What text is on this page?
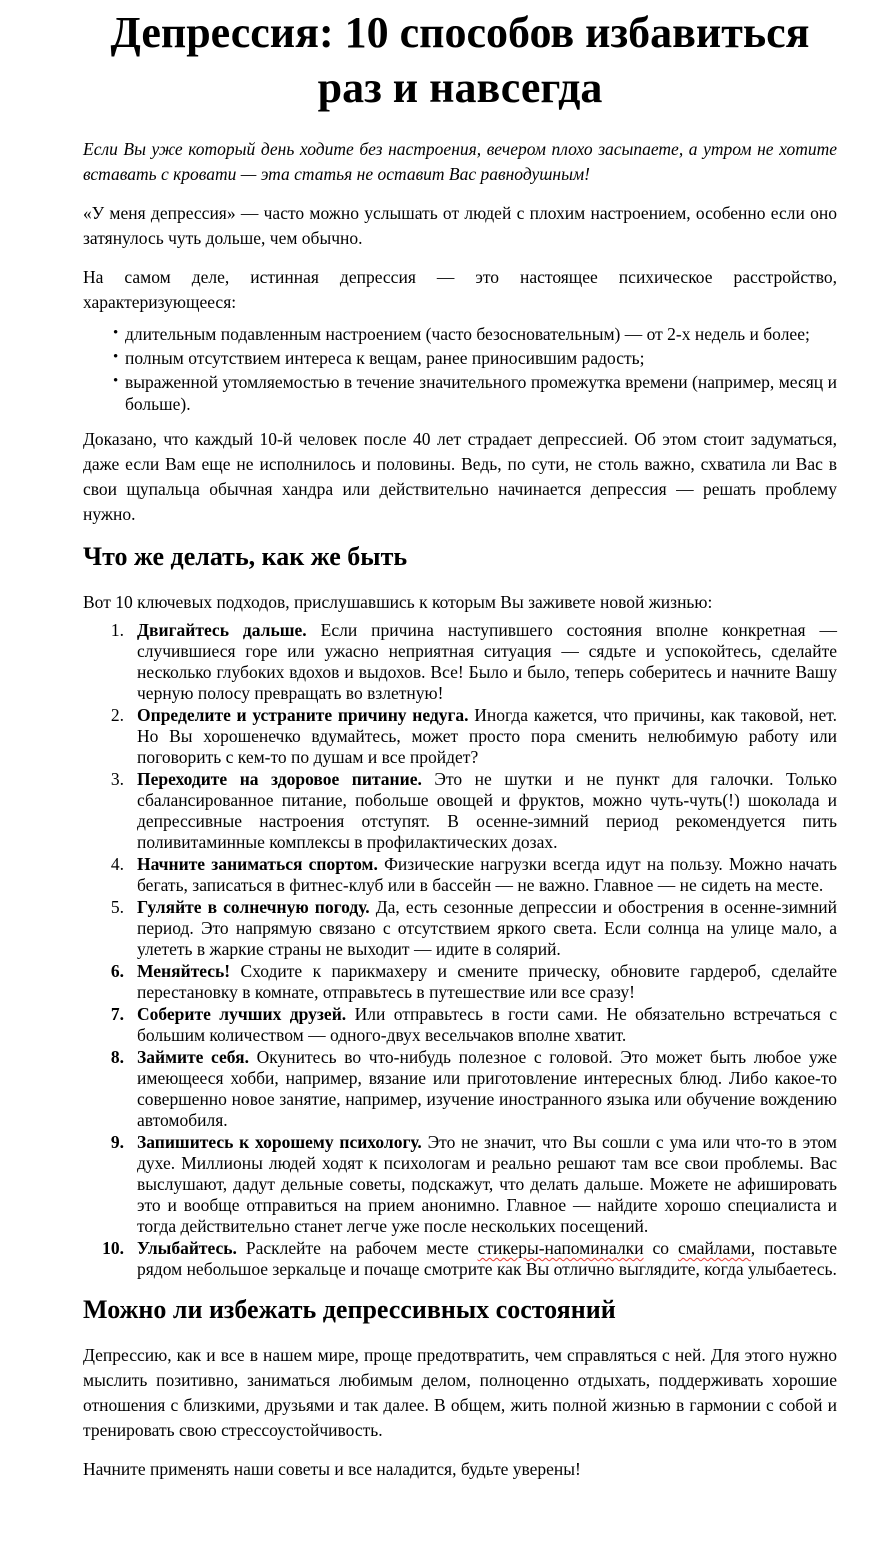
Депрессия: 10 способов избавиться раз и навсегда

Если Вы уже который день ходите без настроения, вечером плохо засыпаете, а утром не хотите вставать с кровати — эта статья не оставит Вас равнодушным!

«У меня депрессия» — часто можно услышать от людей с плохим настроением, особенно если оно затянулось чуть дольше, чем обычно.

На самом деле, истинная депрессия — это настоящее психическое расстройство, характеризующееся:

• длительным подавленным настроением (часто безосновательным) — от 2-х недель и более;
• полным отсутствием интереса к вещам, ранее приносившим радость;
• выраженной утомляемостью в течение значительного промежутка времени (например, месяц и больше).

Доказано, что каждый 10-й человек после 40 лет страдает депрессией. Об этом стоит задуматься, даже если Вам еще не исполнилось и половины. Ведь, по сути, не столь важно, схватила ли Вас в свои щупальца обычная хандра или действительно начинается депрессия — решать проблему нужно.

Что же делать, как же быть

Вот 10 ключевых подходов, прислушавшись к которым Вы заживете новой жизнью:

1. Двигайтесь дальше. Если причина наступившего состояния вполне конкретная — случившиеся горе или ужасно неприятная ситуация — сядьте и успокойтесь, сделайте несколько глубоких вдохов и выдохов. Все! Было и было, теперь соберитесь и начните Вашу черную полосу превращать во взлетную!
2. Определите и устраните причину недуга. Иногда кажется, что причины, как таковой, нет. Но Вы хорошенечко вдумайтесь, может просто пора сменить нелюбимую работу или поговорить с кем-то по душам и все пройдет?
3. Переходите на здоровое питание. Это не шутки и не пункт для галочки. Только сбалансированное питание, побольше овощей и фруктов, можно чуть-чуть(!) шоколада и депрессивные настроения отступят. В осенне-зимний период рекомендуется пить поливитаминные комплексы в профилактических дозах.
4. Начните заниматься спортом. Физические нагрузки всегда идут на пользу. Можно начать бегать, записаться в фитнес-клуб или в бассейн — не важно. Главное — не сидеть на месте.
5. Гуляйте в солнечную погоду. Да, есть сезонные депрессии и обострения в осенне-зимний период. Это напрямую связано с отсутствием яркого света. Если солнца на улице мало, а улететь в жаркие страны не выходит — идите в солярий.
6. Меняйтесь! Сходите к парикмахеру и смените прическу, обновите гардероб, сделайте перестановку в комнате, отправьтесь в путешествие или все сразу!
7. Соберите лучших друзей. Или отправьтесь в гости сами. Не обязательно встречаться с большим количеством — одного-двух весельчаков вполне хватит.
8. Займите себя. Окунитесь во что-нибудь полезное с головой. Это может быть любое уже имеющееся хобби, например, вязание или приготовление интересных блюд. Либо какое-то совершенно новое занятие, например, изучение иностранного языка или обучение вождению автомобиля.
9. Запишитесь к хорошему психологу. Это не значит, что Вы сошли с ума или что-то в этом духе. Миллионы людей ходят к психологам и реально решают там все свои проблемы. Вас выслушают, дадут дельные советы, подскажут, что делать дальше. Можете не афишировать это и вообще отправиться на прием анонимно. Главное — найдите хорошо специалиста и тогда действительно станет легче уже после нескольких посещений.
10. Улыбайтесь. Расклейте на рабочем месте стикеры-напоминалки со смайлами, поставьте рядом небольшое зеркальце и почаще смотрите как Вы отлично выглядите, когда улыбаетесь.
Можно ли избежать депрессивных состояний

Депрессию, как и все в нашем мире, проще предотвратить, чем справляться с ней. Для этого нужно мыслить позитивно, заниматься любимым делом, полноценно отдыхать, поддерживать хорошие отношения с близкими, друзьями и так далее. В общем, жить полной жизнью в гармонии с собой и тренировать свою стрессоустойчивость.

Начните применять наши советы и все наладится, будьте уверены!
